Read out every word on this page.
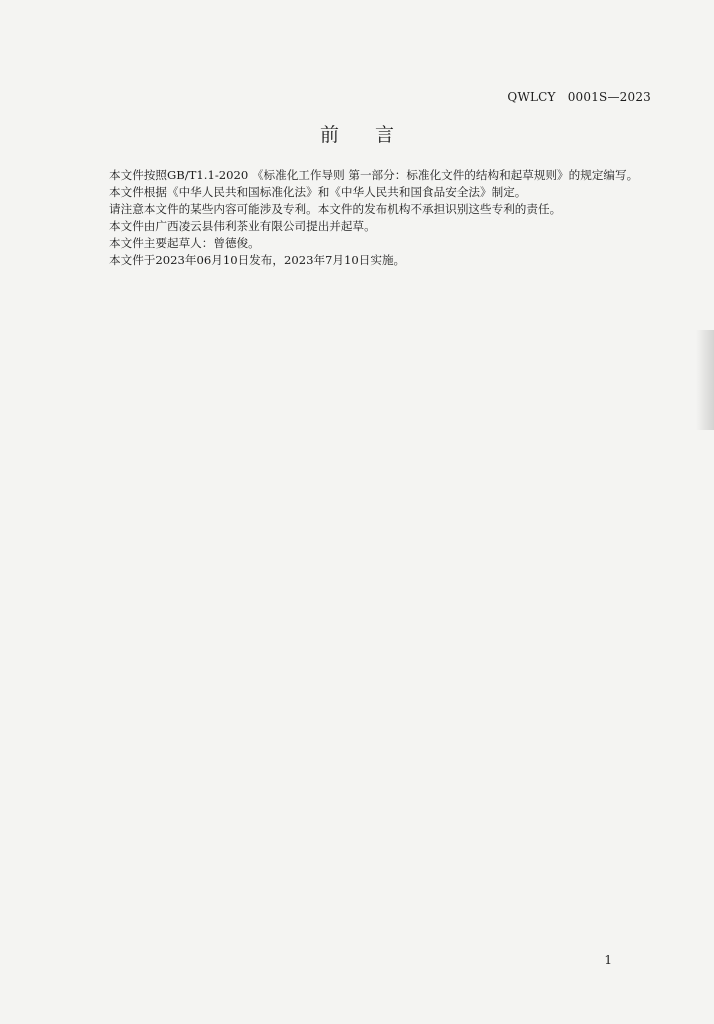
QWLCY   0001S—2023
前言

本文件按照GB/T1.1-2020 《标准化工作导则 第一部分：标准化文件的结构和起草规则》的规定编写。

本文件根据《中华人民共和国标准化法》和《中华人民共和国食品安全法》制定。

请注意本文件的某些内容可能涉及专利。本文件的发布机构不承担识别这些专利的责任。

本文件由广西凌云县伟利茶业有限公司提出并起草。

本文件主要起草人：曾德俊。

本文件于2023年06月10日发布，2023年7月10日实施。

1
